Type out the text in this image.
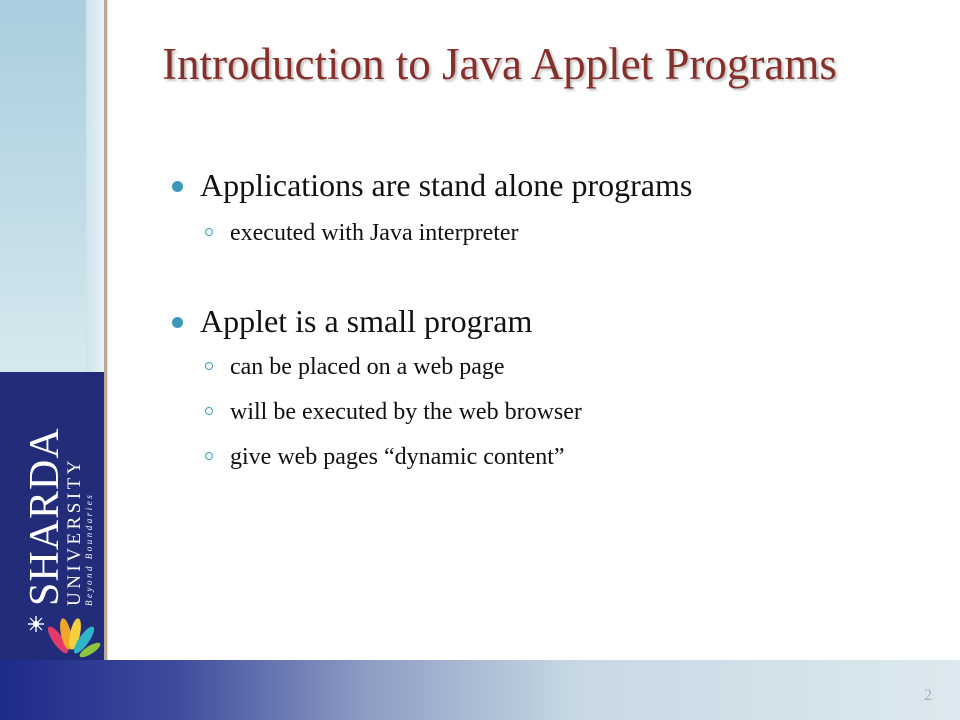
SHARDA
UNIVERSITY Beyond Boundaries
Introduction to Java Applet Programs
Applications are stand alone programs
executed with Java interpreter
Applet is a small program
can be placed on a web page
will be executed by the web browser
give web pages “dynamic content”
2
